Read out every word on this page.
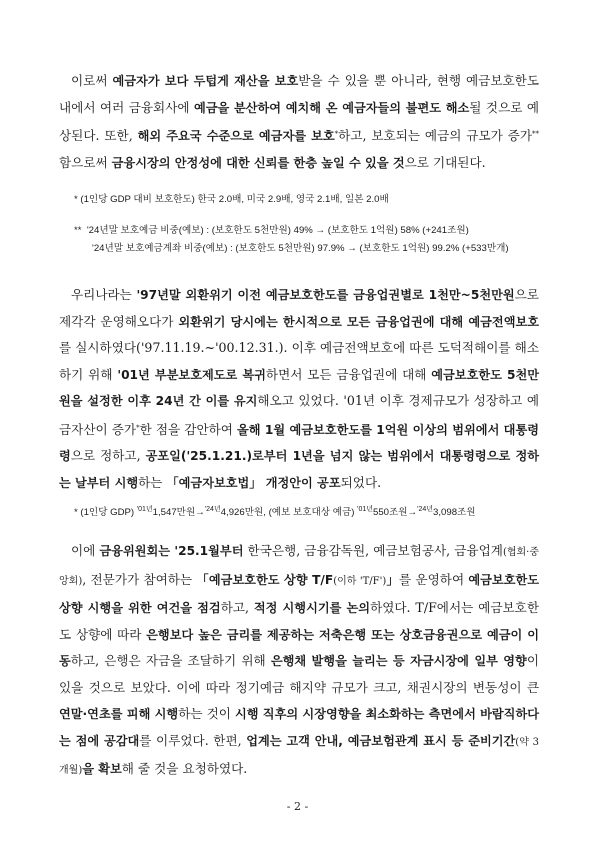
이로써 예금자가 보다 두텁게 재산을 보호받을 수 있을 뿐 아니라, 현행 예금보호한도 내에서 여러 금융회사에 예금을 분산하여 예치해 온 예금자들의 불편도 해소될 것으로 예상된다. 또한, 해외 주요국 수준으로 예금자를 보호*하고, 보호되는 예금의 규모가 증가**함으로써 금융시장의 안정성에 대한 신뢰를 한층 높일 수 있을 것으로 기대된다.

* (1인당 GDP 대비 보호한도) 한국 2.0배, 미국 2.9배, 영국 2.1배, 일본 2.0배
** '24년말 보호예금 비중(예보) : (보호한도 5천만원) 49% → (보호한도 1억원) 58% (+241조원)
'24년말 보호예금계좌 비중(예보) : (보호한도 5천만원) 97.9% → (보호한도 1억원) 99.2% (+533만개)

우리나라는 '97년말 외환위기 이전 예금보호한도를 금융업권별로 1천만~5천만원으로 제각각 운영해오다가 외환위기 당시에는 한시적으로 모든 금융업권에 대해 예금전액보호를 실시하였다('97.11.19.~'00.12.31.). 이후 예금전액보호에 따른 도덕적해이를 해소하기 위해 '01년 부분보호제도로 복귀하면서 모든 금융업권에 대해 예금보호한도 5천만원을 설정한 이후 24년 간 이를 유지해오고 있었다. '01년 이후 경제규모가 성장하고 예금자산이 증가*한 점을 감안하여 올해 1월 예금보호한도를 1억원 이상의 범위에서 대통령령으로 정하고, 공포일('25.1.21.)로부터 1년을 넘지 않는 범위에서 대통령령으로 정하는 날부터 시행하는 「예금자보호법」 개정안이 공포되었다.

* (1인당 GDP) $^{'01년}$1,547만원→$^{'24년}$4,926만원, (예보 보호대상 예금) $^{'01년}$550조원→$^{'24년}$3,098조원

이에 금융위원회는 '25.1월부터 한국은행, 금융감독원, 예금보험공사, 금융업계(협회·중앙회), 전문가가 참여하는 「예금보호한도 상향 T/F(이하 'T/F')」를 운영하여 예금보호한도 상향 시행을 위한 여건을 점검하고, 적정 시행시기를 논의하였다. T/F에서는 예금보호한도 상향에 따라 은행보다 높은 금리를 제공하는 저축은행 또는 상호금융권으로 예금이 이동하고, 은행은 자금을 조달하기 위해 은행채 발행을 늘리는 등 자금시장에 일부 영향이 있을 것으로 보았다. 이에 따라 정기예금 해지약 규모가 크고, 채권시장의 변동성이 큰 연말·연초를 피해 시행하는 것이 시행 직후의 시장영향을 최소화하는 측면에서 바람직하다는 점에 공감대를 이루었다. 한편, 업계는 고객 안내, 예금보험관계 표시 등 준비기간(약 3개월)을 확보해 줄 것을 요청하였다.

- 2 -
